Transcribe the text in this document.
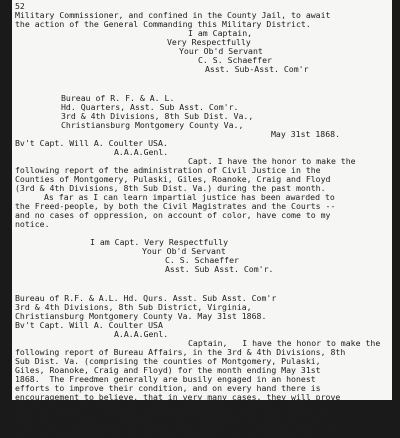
52

Military Commissioner, and confined in the County Jail, to await

the action of the General Commanding this Military District.

I am Captain,

Very Respectfully

Your Ob'd Servant

C. S. Schaeffer

Asst. Sub-Asst. Com'r

Bureau of R. F. & A. L.

Hd. Quarters, Asst. Sub Asst. Com'r.

3rd & 4th Divisions, 8th Sub Dist. Va.,

Christiansburg Montgomery County Va.,

May 31st 1868.

Bv't Capt. Will A. Coulter USA.

A.A.A.Genl.

Capt. I have the honor to make the

following report of the administration of Civil Justice in the

Counties of Montgomery, Pulaski, Giles, Roanoke, Craig and Floyd

(3rd & 4th Divisions, 8th Sub Dist. Va.) during the past month.

As far as I can learn impartial justice has been awarded to

the Freed-people, by both the Civil Magistrates and the Courts --

and no cases of oppression, on account of color, have come to my

notice.

I am Capt. Very Respectfully

Your Ob'd Servant

C. S. Schaeffer

Asst. Sub Asst. Com'r.

Bureau of R.F. & A.L. Hd. Qurs. Asst. Sub Asst. Com'r

3rd & 4th Divisions, 8th Sub District, Virginia,

Christiansburg Montgomery County Va. May 31st 1868.

Bv't Capt. Will A. Coulter USA

A.A.A.Genl.

Captain,   I have the honor to make the

following report of Bureau Affairs, in the 3rd & 4th Divisions, 8th

Sub Dist. Va. (comprising the counties of Montgomery, Pulaski,

Giles, Roanoke, Craig and Floyd) for the month ending May 31st

1868.  The Freedmen generally are busily engaged in an honest

efforts to improve their condition, and on every hand there is

encouragement to believe, that in very many cases, they will prove

successful in accomplishing their purposes.  Quite a number

recently have purchased little homes of their own, and although

not of much value, yet it gives them a spirit of independence, and

acts as a stimulant to do better; and also has a tendency to
